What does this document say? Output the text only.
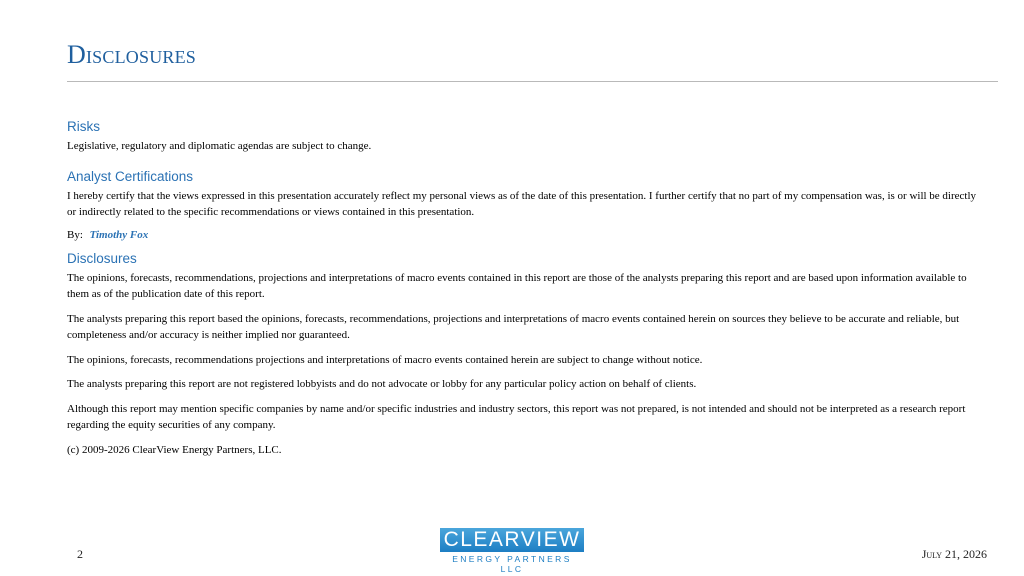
Disclosures
Risks

Legislative, regulatory and diplomatic agendas are subject to change.

Analyst Certifications

I hereby certify that the views expressed in this presentation accurately reflect my personal views as of the date of this presentation. I further certify that no part of my compensation was, is or will be directly or indirectly related to the specific recommendations or views contained in this presentation.

By: Timothy Fox
Disclosures

The opinions, forecasts, recommendations, projections and interpretations of macro events contained in this report are those of the analysts preparing this report and are based upon information available to them as of the publication date of this report.

The analysts preparing this report based the opinions, forecasts, recommendations, projections and interpretations of macro events contained herein on sources they believe to be accurate and reliable, but completeness and/or accuracy is neither implied nor guaranteed.

The opinions, forecasts, recommendations projections and interpretations of macro events contained herein are subject to change without notice.

The analysts preparing this report are not registered lobbyists and do not advocate or lobby for any particular policy action on behalf of clients.

Although this report may mention specific companies by name and/or specific industries and industry sectors, this report was not prepared, is not intended and should not be interpreted as a research report regarding the equity securities of any company.

(c) 2009-2026 ClearView Energy Partners, LLC.

2
CLEARVIEW
ENERGY PARTNERS LLC
July 21, 2026
